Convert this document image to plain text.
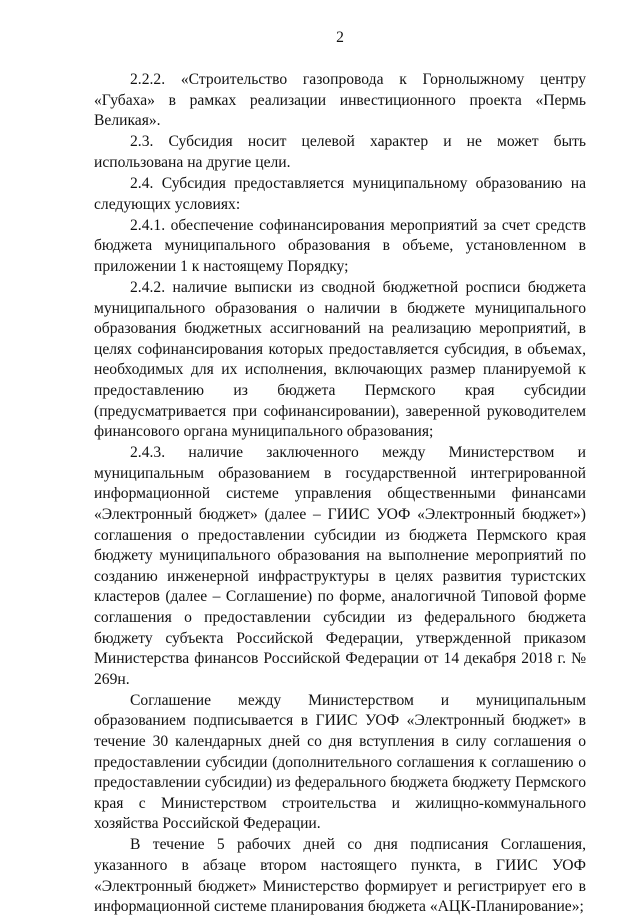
2

2.2.2. «Строительство газопровода к Горнолыжному центру «Губаха» в рамках реализации инвестиционного проекта «Пермь Великая».

2.3. Субсидия носит целевой характер и не может быть использована на другие цели.

2.4. Субсидия предоставляется муниципальному образованию на следующих условиях:

2.4.1. обеспечение софинансирования мероприятий за счет средств бюджета муниципального образования в объеме, установленном в приложении 1 к настоящему Порядку;

2.4.2. наличие выписки из сводной бюджетной росписи бюджета муниципального образования о наличии в бюджете муниципального образования бюджетных ассигнований на реализацию мероприятий, в целях софинансирования которых предоставляется субсидия, в объемах, необходимых для их исполнения, включающих размер планируемой к предоставлению из бюджета Пермского края субсидии (предусматривается при софинансировании), заверенной руководителем финансового органа муниципального образования;

2.4.3. наличие заключенного между Министерством и муниципальным образованием в государственной интегрированной информационной системе управления общественными финансами «Электронный бюджет» (далее – ГИИС УОФ «Электронный бюджет») соглашения о предоставлении субсидии из бюджета Пермского края бюджету муниципального образования на выполнение мероприятий по созданию инженерной инфраструктуры в целях развития туристских кластеров (далее – Соглашение) по форме, аналогичной Типовой форме соглашения о предоставлении субсидии из федерального бюджета бюджету субъекта Российской Федерации, утвержденной приказом Министерства финансов Российской Федерации от 14 декабря 2018 г. № 269н.

Соглашение между Министерством и муниципальным образованием подписывается в ГИИС УОФ «Электронный бюджет» в течение 30 календарных дней со дня вступления в силу соглашения о предоставлении субсидии (дополнительного соглашения к соглашению о предоставлении субсидии) из федерального бюджета бюджету Пермского края с Министерством строительства и жилищно-коммунального хозяйства Российской Федерации.

В течение 5 рабочих дней со дня подписания Соглашения, указанного в абзаце втором настоящего пункта, в ГИИС УОФ «Электронный бюджет» Министерство формирует и регистрирует его в информационной системе планирования бюджета «АЦК-Планирование»;
